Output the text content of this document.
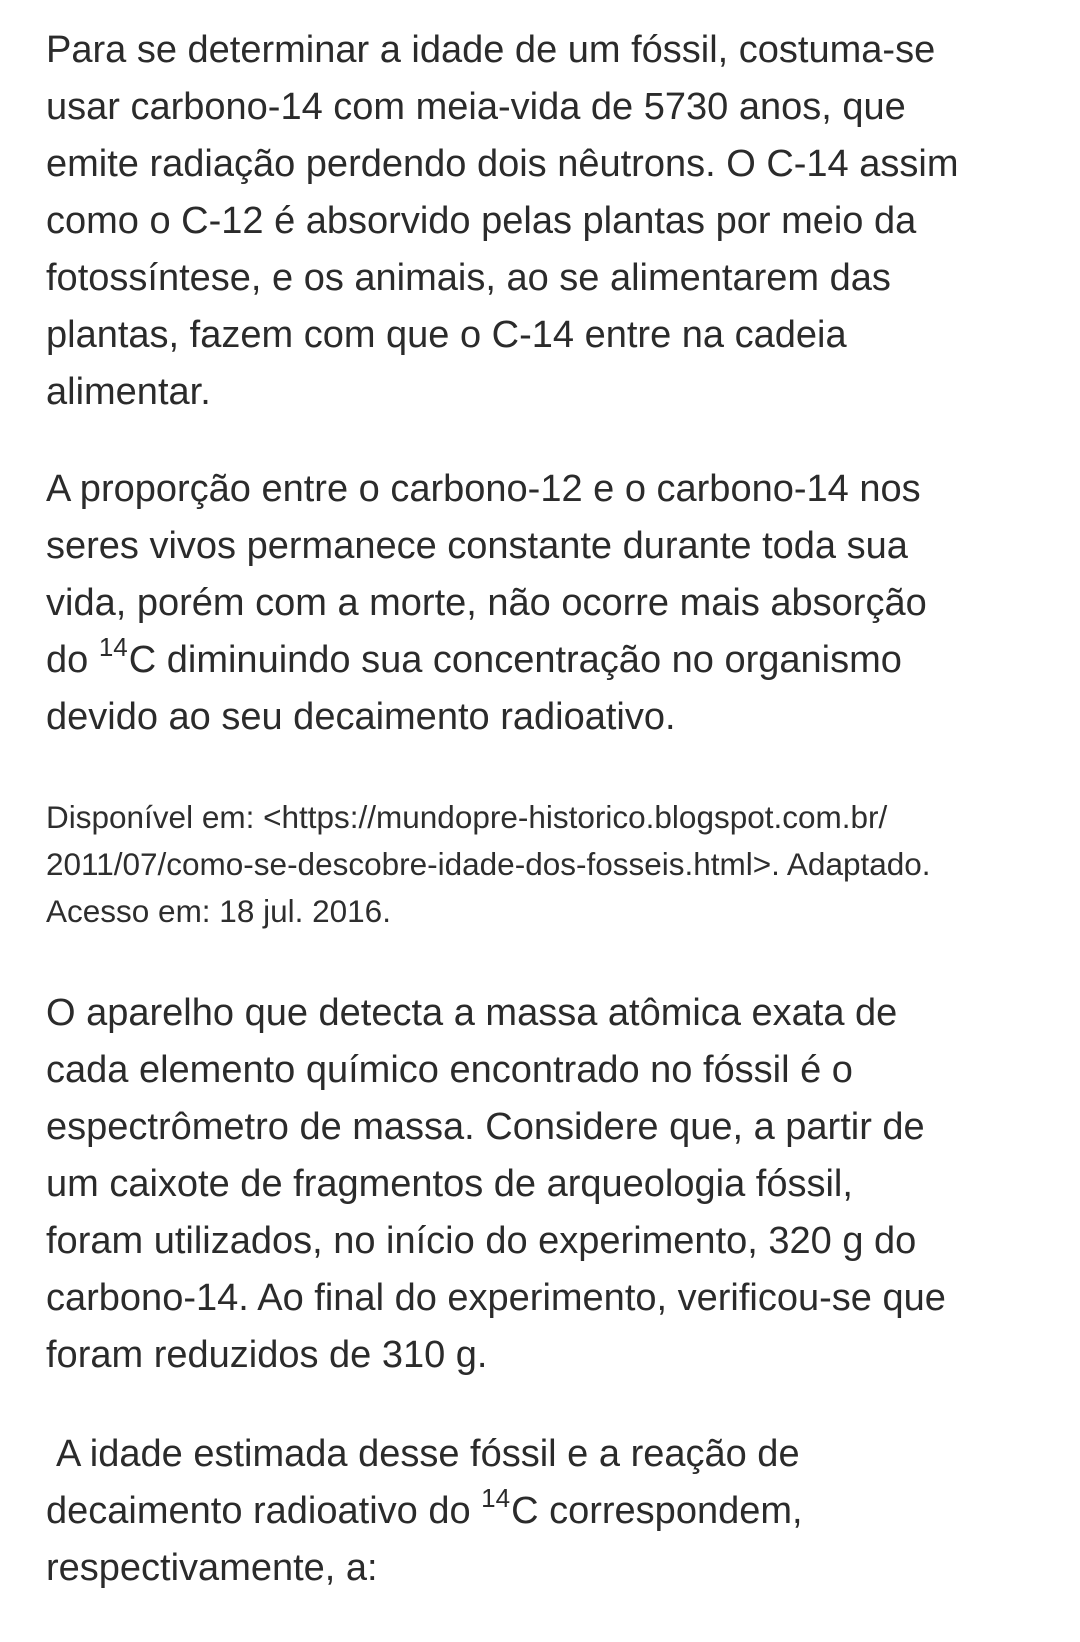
Para se determinar a idade de um fóssil, costuma-se
usar carbono-14 com meia-vida de 5730 anos, que
emite radiação perdendo dois nêutrons. O C-14 assim
como o C-12 é absorvido pelas plantas por meio da
fotossíntese, e os animais, ao se alimentarem das
plantas, fazem com que o C-14 entre na cadeia
alimentar.

A proporção entre o carbono-12 e o carbono-14 nos
seres vivos permanece constante durante toda sua
vida, porém com a morte, não ocorre mais absorção
do $^{14}$C diminuindo sua concentração no organismo
devido ao seu decaimento radioativo.

Disponível em: <https://mundopre-historico.blogspot.com.br/
2011/07/como-se-descobre-idade-dos-fosseis.html>. Adaptado.
Acesso em: 18 jul. 2016.

O aparelho que detecta a massa atômica exata de
cada elemento químico encontrado no fóssil é o
espectrômetro de massa. Considere que, a partir de
um caixote de fragmentos de arqueologia fóssil,
foram utilizados, no início do experimento, 320 g do
carbono-14. Ao final do experimento, verificou-se que
foram reduzidos de 310 g.

A idade estimada desse fóssil e a reação de
decaimento radioativo do $^{14}$C correspondem,
respectivamente, a:
